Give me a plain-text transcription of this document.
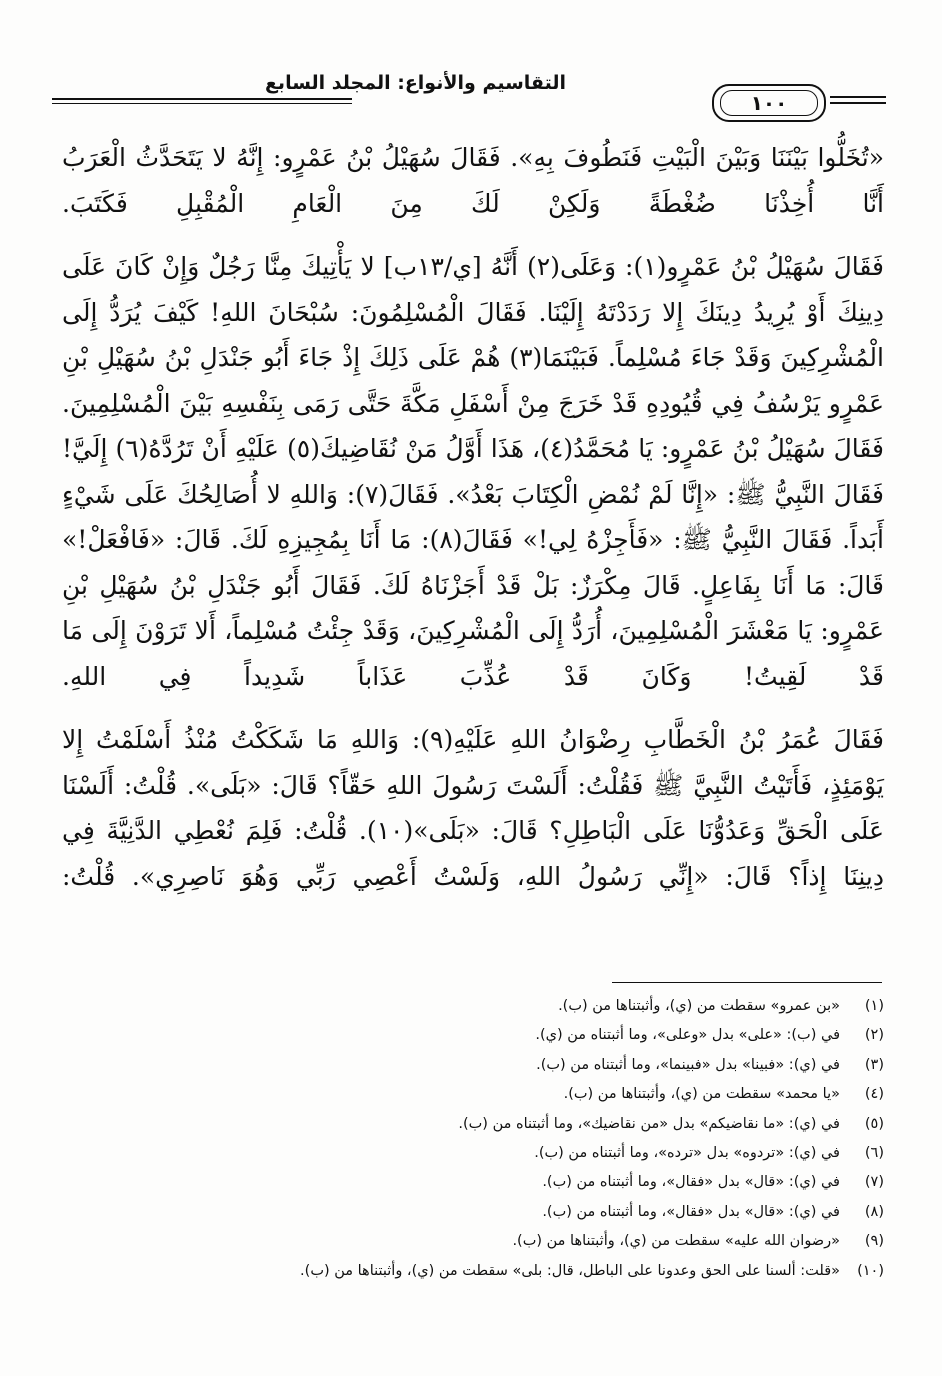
التقاسيم والأنواع: المجلد السابع
١٠٠

«تُخَلُّوا بَيْنَنَا وَبَيْنَ الْبَيْتِ فَنَطُوفَ بِهِ». فَقَالَ سُهَيْلُ بْنُ عَمْرٍو: إِنَّهُ لا يَتَحَدَّثُ الْعَرَبُ أَنَّا أُخِذْنَا ضُغْطَةً وَلَكِنْ لَكَ مِنَ الْعَامِ الْمُقْبِلِ فَكَتَبَ.

فَقَالَ سُهَيْلُ بْنُ عَمْرٍو(١): وَعَلَى(٢) أَنَّهُ [ي/١٣ب] لا يَأْتِيكَ مِنَّا رَجُلٌ وَإِنْ كَانَ عَلَى دِينِكَ أَوْ يُرِيدُ دِينَكَ إِلا رَدَدْتَهُ إِلَيْنَا. فَقَالَ الْمُسْلِمُونَ: سُبْحَانَ اللهِ! كَيْفَ يُرَدُّ إِلَى الْمُشْرِكِينَ وَقَدْ جَاءَ مُسْلِماً. فَبَيْنَمَا(٣) هُمْ عَلَى ذَلِكَ إِذْ جَاءَ أَبُو جَنْدَلِ بْنُ سُهَيْلِ بْنِ عَمْرٍو يَرْسُفُ فِي قُيُودِهِ قَدْ خَرَجَ مِنْ أَسْفَلِ مَكَّةَ حَتَّى رَمَى بِنَفْسِهِ بَيْنَ الْمُسْلِمِينَ. فَقَالَ سُهَيْلُ بْنُ عَمْرٍو: يَا مُحَمَّدُ(٤)، هَذَا أَوَّلُ مَنْ نُقَاضِيكَ(٥) عَلَيْهِ أَنْ تَرُدَّهُ(٦) إِلَيَّ! فَقَالَ النَّبِيُّ ﷺ: «إِنَّا لَمْ نُمْضِ الْكِتَابَ بَعْدُ». فَقَالَ(٧): وَاللهِ لا أُصَالِحُكَ عَلَى شَيْءٍ أَبَداً. فَقَالَ النَّبِيُّ ﷺ: «فَأَجِزْهُ لِي!» فَقَالَ(٨): مَا أَنَا بِمُجِيزِهِ لَكَ. قَالَ: «فَافْعَلْ!» قَالَ: مَا أَنَا بِفَاعِلٍ. قَالَ مِكْرَزٌ: بَلْ قَدْ أَجَزْنَاهُ لَكَ. فَقَالَ أَبُو جَنْدَلِ بْنُ سُهَيْلِ بْنِ عَمْرٍو: يَا مَعْشَرَ الْمُسْلِمِينَ، أُرَدُّ إِلَى الْمُشْرِكِينَ، وَقَدْ جِئْتُ مُسْلِماً، أَلا تَرَوْنَ إِلَى مَا قَدْ لَقِيتُ! وَكَانَ قَدْ عُذِّبَ عَذَاباً شَدِيداً فِي اللهِ.

فَقَالَ عُمَرُ بْنُ الْخَطَّابِ رِضْوَانُ اللهِ عَلَيْهِ(٩): وَاللهِ مَا شَكَكْتُ مُنْذُ أَسْلَمْتُ إِلا يَوْمَئِذٍ، فَأَتَيْتُ النَّبِيَّ ﷺ فَقُلْتُ: أَلَسْتَ رَسُولَ اللهِ حَقّاً؟ قَالَ: «بَلَى». قُلْتُ: أَلَسْنَا عَلَى الْحَقِّ وَعَدُوُّنَا عَلَى الْبَاطِلِ؟ قَالَ: «بَلَى»(١٠). قُلْتُ: فَلِمَ نُعْطِي الدَّنِيَّةَ فِي دِينِنَا إِذاً؟ قَالَ: «إِنِّي رَسُولُ اللهِ، وَلَسْتُ أَعْصِي رَبِّي وَهُوَ نَاصِرِي». قُلْتُ:

(١)«بن عمرو» سقطت من (ي)، وأثبتناها من (ب).
(٢)في (ب): «على» بدل «وعلى»، وما أثبتناه من (ي).
(٣)في (ي): «فبينا» بدل «فبينما»، وما أثبتناه من (ب).
(٤)«يا محمد» سقطت من (ي)، وأثبتناها من (ب).
(٥)في (ي): «ما نقاضيكم» بدل «من نقاضيك»، وما أثبتناه من (ب).
(٦)في (ي): «تردوه» بدل «ترده»، وما أثبتناه من (ب).
(٧)في (ي): «قال» بدل «فقال»، وما أثبتناه من (ب).
(٨)في (ي): «قال» بدل «فقال»، وما أثبتناه من (ب).
(٩)«رضوان الله عليه» سقطت من (ي)، وأثبتناها من (ب).
(١٠)«قلت: ألسنا على الحق وعدونا على الباطل، قال: بلى» سقطت من (ي)، وأثبتناها من (ب).
